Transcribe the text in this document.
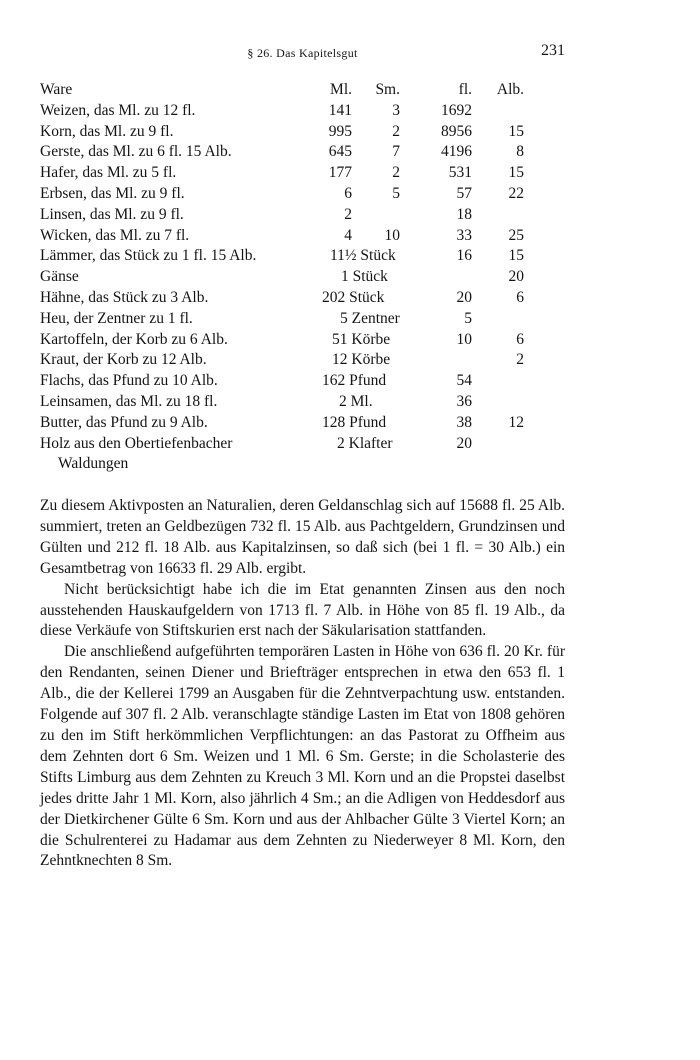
§ 26. Das Kapitelsgut	231
Ware	Ml.	Sm.	fl.	Alb.

Weizen, das Ml. zu 12 fl.	141	3	1692	

Korn, das Ml. zu 9 fl.	995	2	8956	15

Gerste, das Ml. zu 6 fl. 15 Alb.	645	7	4196	8

Hafer, das Ml. zu 5 fl.	177	2	531	15

Erbsen, das Ml. zu 9 fl.	6	5	57	22

Linsen, das Ml. zu 9 fl.	2		18	

Wicken, das Ml. zu 7 fl.	4	10	33	25

Lämmer, das Stück zu 1 fl. 15 Alb.	11½ Stück		16	15

Gänse	1 Stück			20

Hähne, das Stück zu 3 Alb.	202 Stück		20	6

Heu, der Zentner zu 1 fl.	5 Zentner		5	

Kartoffeln, der Korb zu 6 Alb.	51 Körbe		10	6

Kraut, der Korb zu 12 Alb.	12 Körbe			2

Flachs, das Pfund zu 10 Alb.	162 Pfund		54	

Leinsamen, das Ml. zu 18 fl.	2 Ml.		36	

Butter, das Pfund zu 9 Alb.	128 Pfund		38	12

Holz aus den Obertiefenbacher
Waldungen	2 Klafter		20	

Zu diesem Aktivposten an Naturalien, deren Geldanschlag sich auf 15688 fl. 25 Alb. summiert, treten an Geldbezügen 732 fl. 15 Alb. aus Pachtgeldern, Grundzinsen und Gülten und 212 fl. 18 Alb. aus Kapitalzinsen, so daß sich (bei 1 fl. = 30 Alb.) ein Gesamtbetrag von 16633 fl. 29 Alb. ergibt.

Nicht berücksichtigt habe ich die im Etat genannten Zinsen aus den noch ausstehenden Hauskaufgeldern von 1713 fl. 7 Alb. in Höhe von 85 fl. 19 Alb., da diese Verkäufe von Stiftskurien erst nach der Säkularisation stattfanden.

Die anschließend aufgeführten temporären Lasten in Höhe von 636 fl. 20 Kr. für den Rendanten, seinen Diener und Briefträger entsprechen in etwa den 653 fl. 1 Alb., die der Kellerei 1799 an Ausgaben für die Zehntverpachtung usw. entstanden. Folgende auf 307 fl. 2 Alb. veranschlagte ständige Lasten im Etat von 1808 gehören zu den im Stift herkömmlichen Verpflichtungen: an das Pastorat zu Offheim aus dem Zehnten dort 6 Sm. Weizen und 1 Ml. 6 Sm. Gerste; in die Scholasterie des Stifts Limburg aus dem Zehnten zu Kreuch 3 Ml. Korn und an die Propstei daselbst jedes dritte Jahr 1 Ml. Korn, also jährlich 4 Sm.; an die Adligen von Heddesdorf aus der Dietkirchener Gülte 6 Sm. Korn und aus der Ahlbacher Gülte 3 Viertel Korn; an die Schulrenterei zu Hadamar aus dem Zehnten zu Niederweyer 8 Ml. Korn, den Zehntknechten 8 Sm.
